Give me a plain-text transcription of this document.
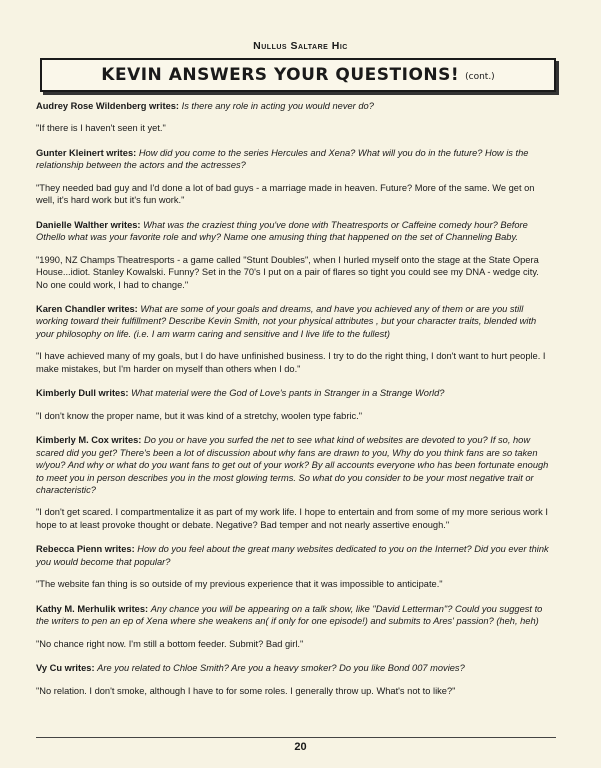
Nullus Saltare Hic
KEVIN ANSWERS YOUR QUESTIONS! (cont.)

Audrey Rose Wildenberg writes: Is there any role in acting you would never do?

"If there is I haven't seen it yet."

Gunter Kleinert writes: How did you come to the series Hercules and Xena? What will you do in the future? How is the relationship between the actors and the actresses?

"They needed bad guy and I'd done a lot of bad guys - a marriage made in heaven. Future? More of the same. We get on well, it's hard work but it's fun work."

Danielle Walther writes: What was the craziest thing you've done with Theatresports or Caffeine comedy hour? Before Othello what was your favorite role and why? Name one amusing thing that happened on the set of Channeling Baby.

"1990, NZ Champs Theatresports - a game called "Stunt Doubles", when I hurled myself onto the stage at the State Opera House...idiot. Stanley Kowalski. Funny? Set in the 70's I put on a pair of flares so tight you could see my DNA - wedge city. No one could work, I had to change."

Karen Chandler writes: What are some of your goals and dreams, and have you achieved any of them or are you still working toward their fulfillment? Describe Kevin Smith, not your physical attributes , but your character traits, blended with your philosophy on life. (i.e. I am warm caring and sensitive and I live life to the fullest)

"I have achieved many of my goals, but I do have unfinished business. I try to do the right thing, I don't want to hurt people. I make mistakes, but I'm harder on myself than others when I do."

Kimberly Dull writes: What material were the God of Love's pants in Stranger in a Strange World?

"I don't know the proper name, but it was kind of a stretchy, woolen type fabric."

Kimberly M. Cox writes: Do you or have you surfed the net to see what kind of websites are devoted to you? If so, how scared did you get? There's been a lot of discussion about why fans are drawn to you, Why do you think fans are so taken w/you? And why or what do you want fans to get out of your work? By all accounts everyone who has been fortunate enough to meet you in person describes you in the most glowing terms. So what do you consider to be your most negative trait or characteristic?

"I don't get scared. I compartmentalize it as part of my work life. I hope to entertain and from some of my more serious work I hope to at least provoke thought or debate. Negative? Bad temper and not nearly assertive enough."

Rebecca Pienn writes: How do you feel about the great many websites dedicated to you on the Internet? Did you ever think you would become that popular?

"The website fan thing is so outside of my previous experience that it was impossible to anticipate."

Kathy M. Merhulik writes: Any chance you will be appearing on a talk show, like "David Letterman"? Could you suggest to the writers to pen an ep of Xena where she weakens an( if only for one episode!) and submits to Ares' passion? (heh, heh)

"No chance right now. I'm still a bottom feeder. Submit? Bad girl."

Vy Cu writes: Are you related to Chloe Smith? Are you a heavy smoker? Do you like Bond 007 movies?

"No relation. I don't smoke, although I have to for some roles. I generally throw up. What's not to like?"

20
